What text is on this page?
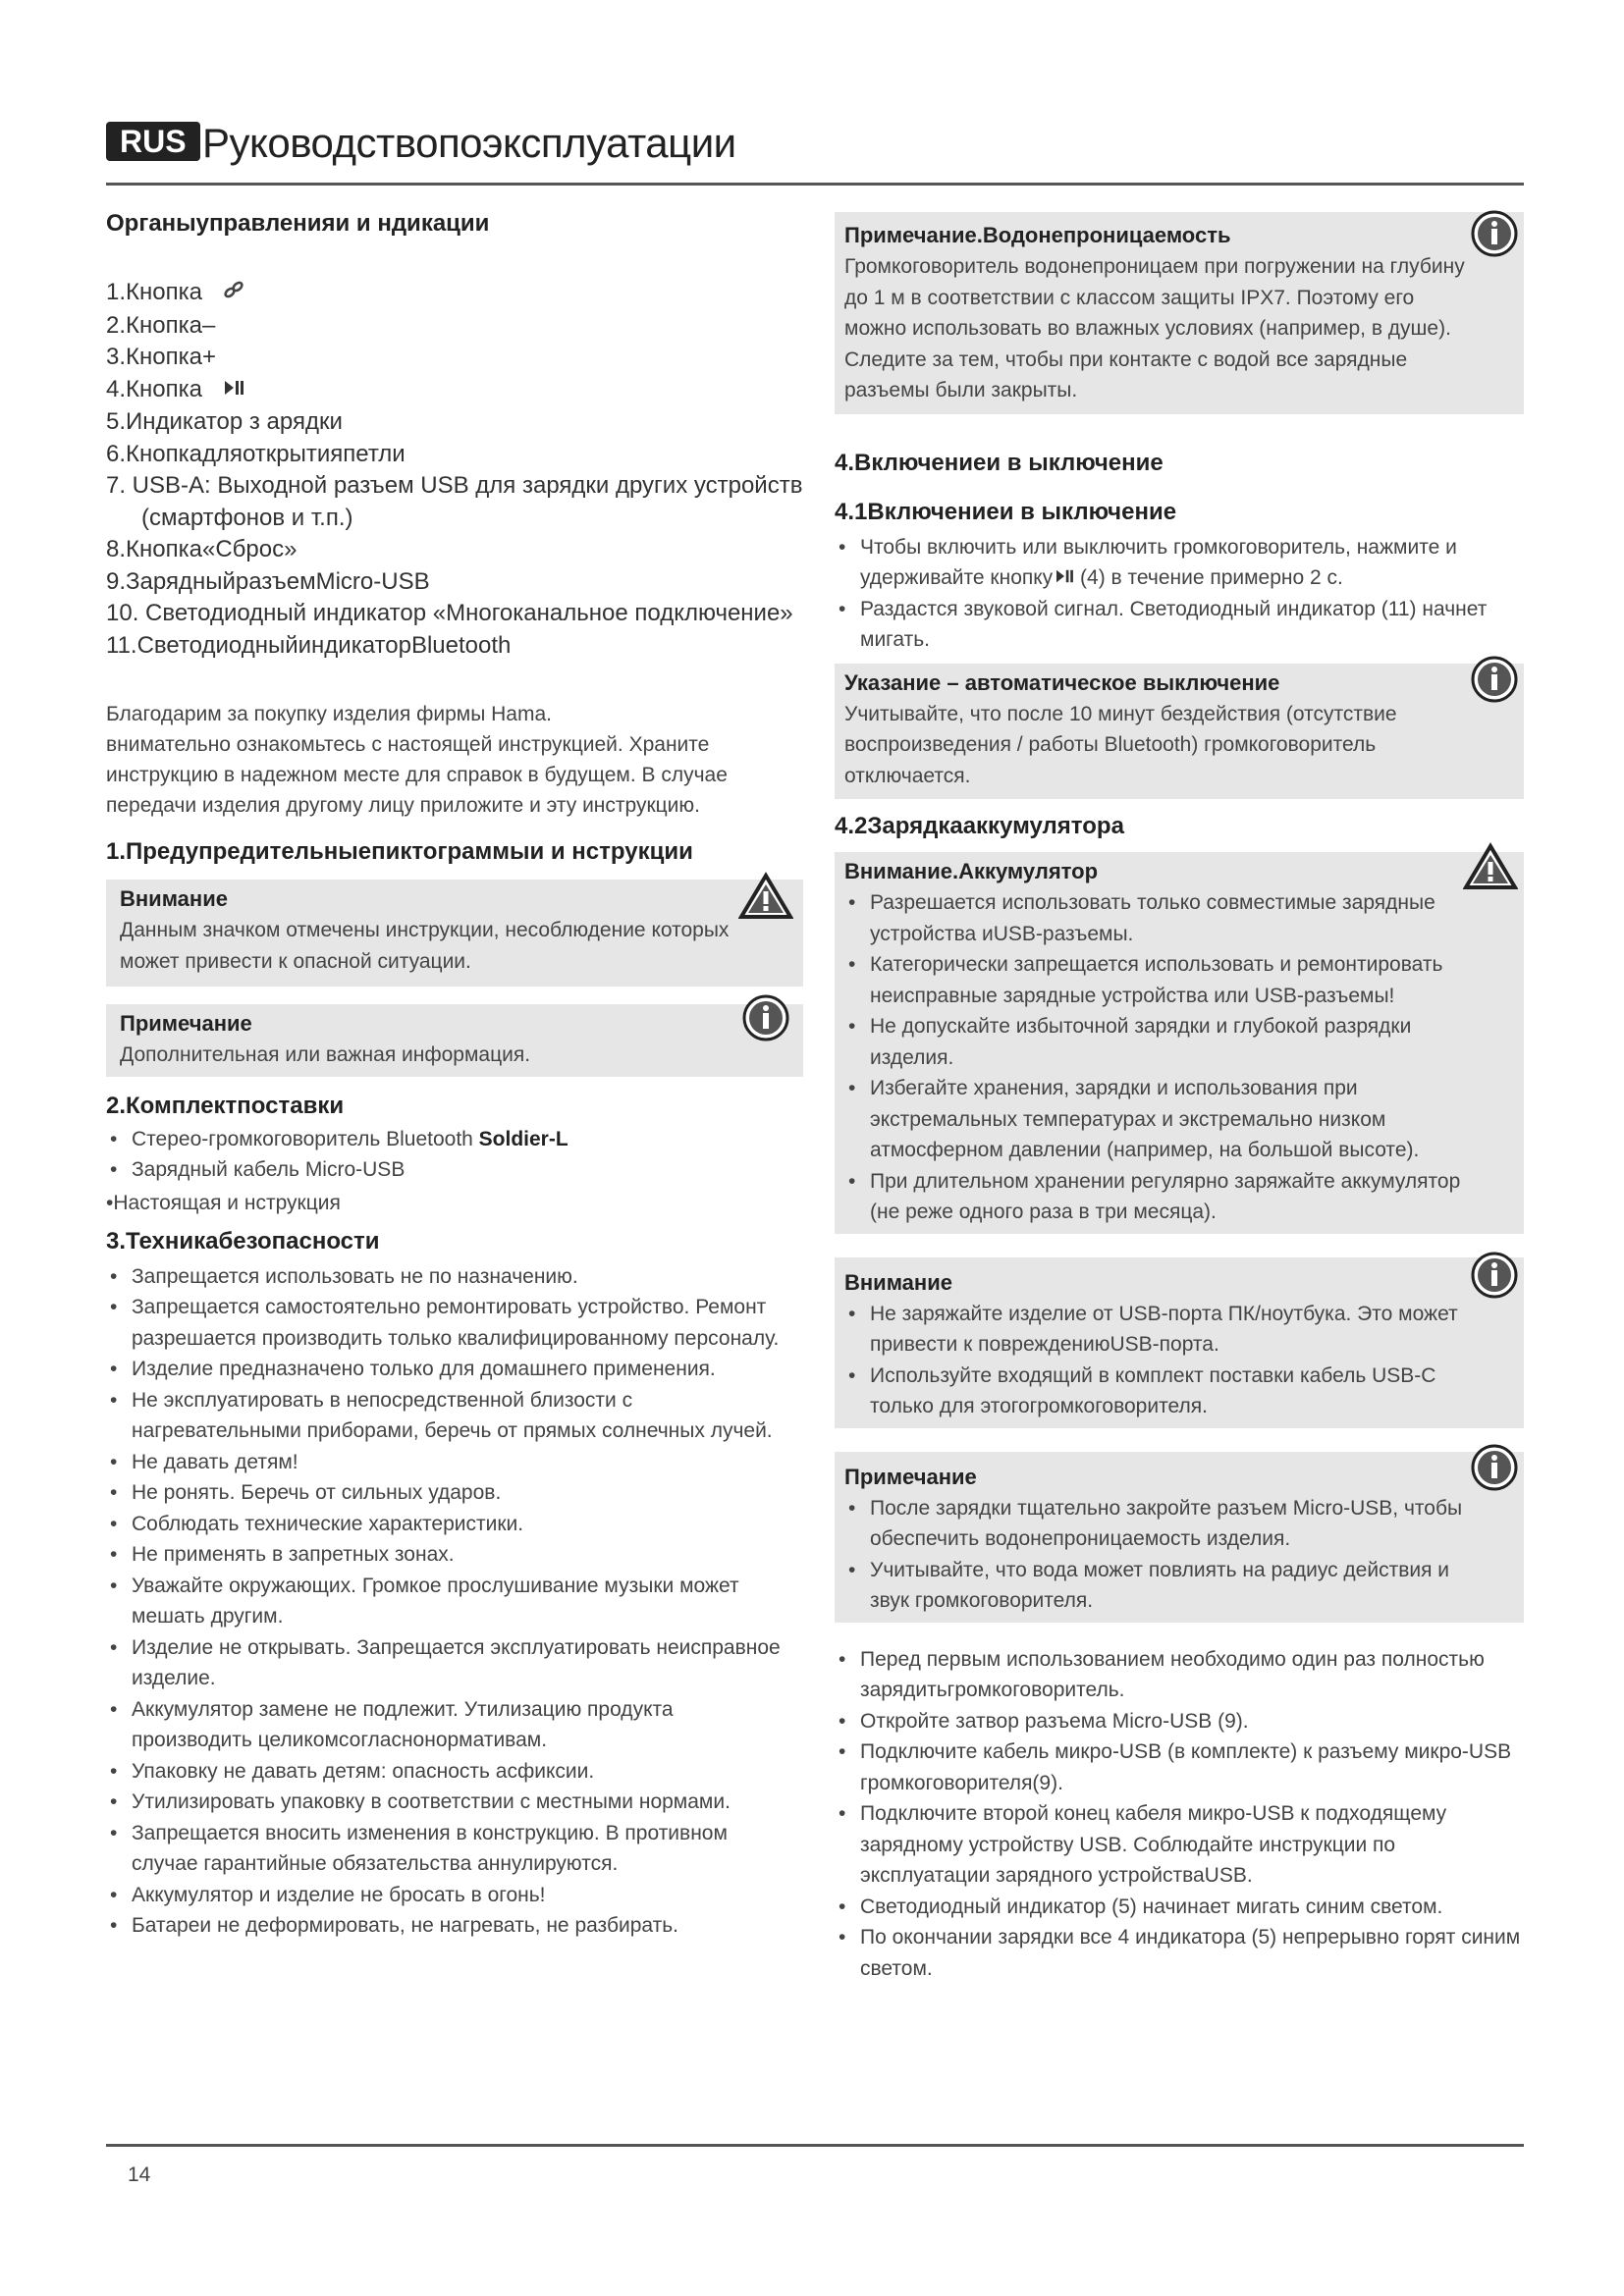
RUS Руководствопоэксплуатации
Органыуправленияи и ндикации
1.Кнопка
2.Кнопка–
3.Кнопка+
4.Кнопка
5.Индикатор з арядки
6.Кнопкадляоткрытияпетли
7. USB-A: Выходной разъем USB для зарядки других устройств
(смартфонов и т.п.)
8.Кнопка«Сброс»
9.ЗарядныйразъемMicro-USB
10. Светодиодный индикатор «Многоканальное подключение»
11.СветодиодныйиндикаторBluetooth

Благодарим за покупку изделия фирмы Hama.

внимательно ознакомьтесь с настоящей инструкцией. Храните инструкцию в надежном месте для справок в будущем. В случае передачи изделия другому лицу приложите и эту инструкцию.

1.Предупредительныепиктограммыи и нструкции
Внимание
Данным значком отмечены инструкции, несоблюдение которых может привести к опасной ситуации.
Примечание
Дополнительная или важная информация.
2.Комплектпоставки
• Стерео-громкоговоритель Bluetooth Soldier-L
• Зарядный кабель Micro-USB

•Настоящая и нструкция

3.Техникабезопасности
• Запрещается использовать не по назначению.
• Запрещается самостоятельно ремонтировать устройство. Ремонт разрешается производить только квалифицированному персоналу.
• Изделие предназначено только для домашнего применения.
• Не эксплуатировать в непосредственной близости с нагревательными приборами, беречь от прямых солнечных лучей.
• Не давать детям!
• Не ронять. Беречь от сильных ударов.
• Соблюдать технические характеристики.
• Не применять в запретных зонах.
• Уважайте окружающих. Громкое прослушивание музыки может мешать другим.
• Изделие не открывать. Запрещается эксплуатировать неисправное изделие.
• Аккумулятор замене не подлежит. Утилизацию продукта производить целикомсогласнонормативам.
• Упаковку не давать детям: опасность асфиксии.
• Утилизировать упаковку в соответствии с местными нормами.
• Запрещается вносить изменения в конструкцию. В противном случае гарантийные обязательства аннулируются.
• Аккумулятор и изделие не бросать в огонь!
• Батареи не деформировать, не нагревать, не разбирать.
Примечание.Водонепроницаемость
Громкоговоритель водонепроницаем при погружении на глубину до 1 м в соответствии с классом защиты IPX7. Поэтому его можно использовать во влажных условиях (например, в душе). Следите за тем, чтобы при контакте с водой все зарядные разъемы были закрыты.
4.Включениеи в ыключение
4.1Включениеи в ыключение
• Чтобы включить или выключить громкоговоритель, нажмите и удерживайте кнопку (4) в течение примерно 2 с.
• Раздастся звуковой сигнал. Светодиодный индикатор (11) начнет мигать.
Указание – автоматическое выключение
Учитывайте, что после 10 минут бездействия (отсутствие воспроизведения / работы Bluetooth) громкоговоритель отключается.
4.2Зарядкааккумулятора
Внимание.Аккумулятор
• Разрешается использовать только совместимые зарядные устройства иUSB-разъемы.
• Категорически запрещается использовать и ремонтировать неисправные зарядные устройства или USB-разъемы!
• Не допускайте избыточной зарядки и глубокой разрядки изделия.
• Избегайте хранения, зарядки и использования при экстремальных температурах и экстремально низком атмосферном давлении (например, на большой высоте).
• При длительном хранении регулярно заряжайте аккумулятор (не реже одного раза в три месяца).
Внимание
• Не заряжайте изделие от USB-порта ПК/ноутбука. Это может привести к повреждениюUSB-порта.
• Используйте входящий в комплект поставки кабель USB-C только для этогогромкоговорителя.
Примечание
• После зарядки тщательно закройте разъем Micro-USB, чтобы обеспечить водонепроницаемость изделия.
• Учитывайте, что вода может повлиять на радиус действия и звук громкоговорителя.
• Перед первым использованием необходимо один раз полностью зарядитьгромкоговоритель.
• Откройте затвор разъема Micro-USB (9).
• Подключите кабель микро-USB (в комплекте) к разъему микро-USB громкоговорителя(9).
• Подключите второй конец кабеля микро-USB к подходящему зарядному устройству USB. Соблюдайте инструкции по эксплуатации зарядного устройстваUSB.
• Светодиодный индикатор (5) начинает мигать синим светом.
• По окончании зарядки все 4 индикатора (5) непрерывно горят синим светом.
14
